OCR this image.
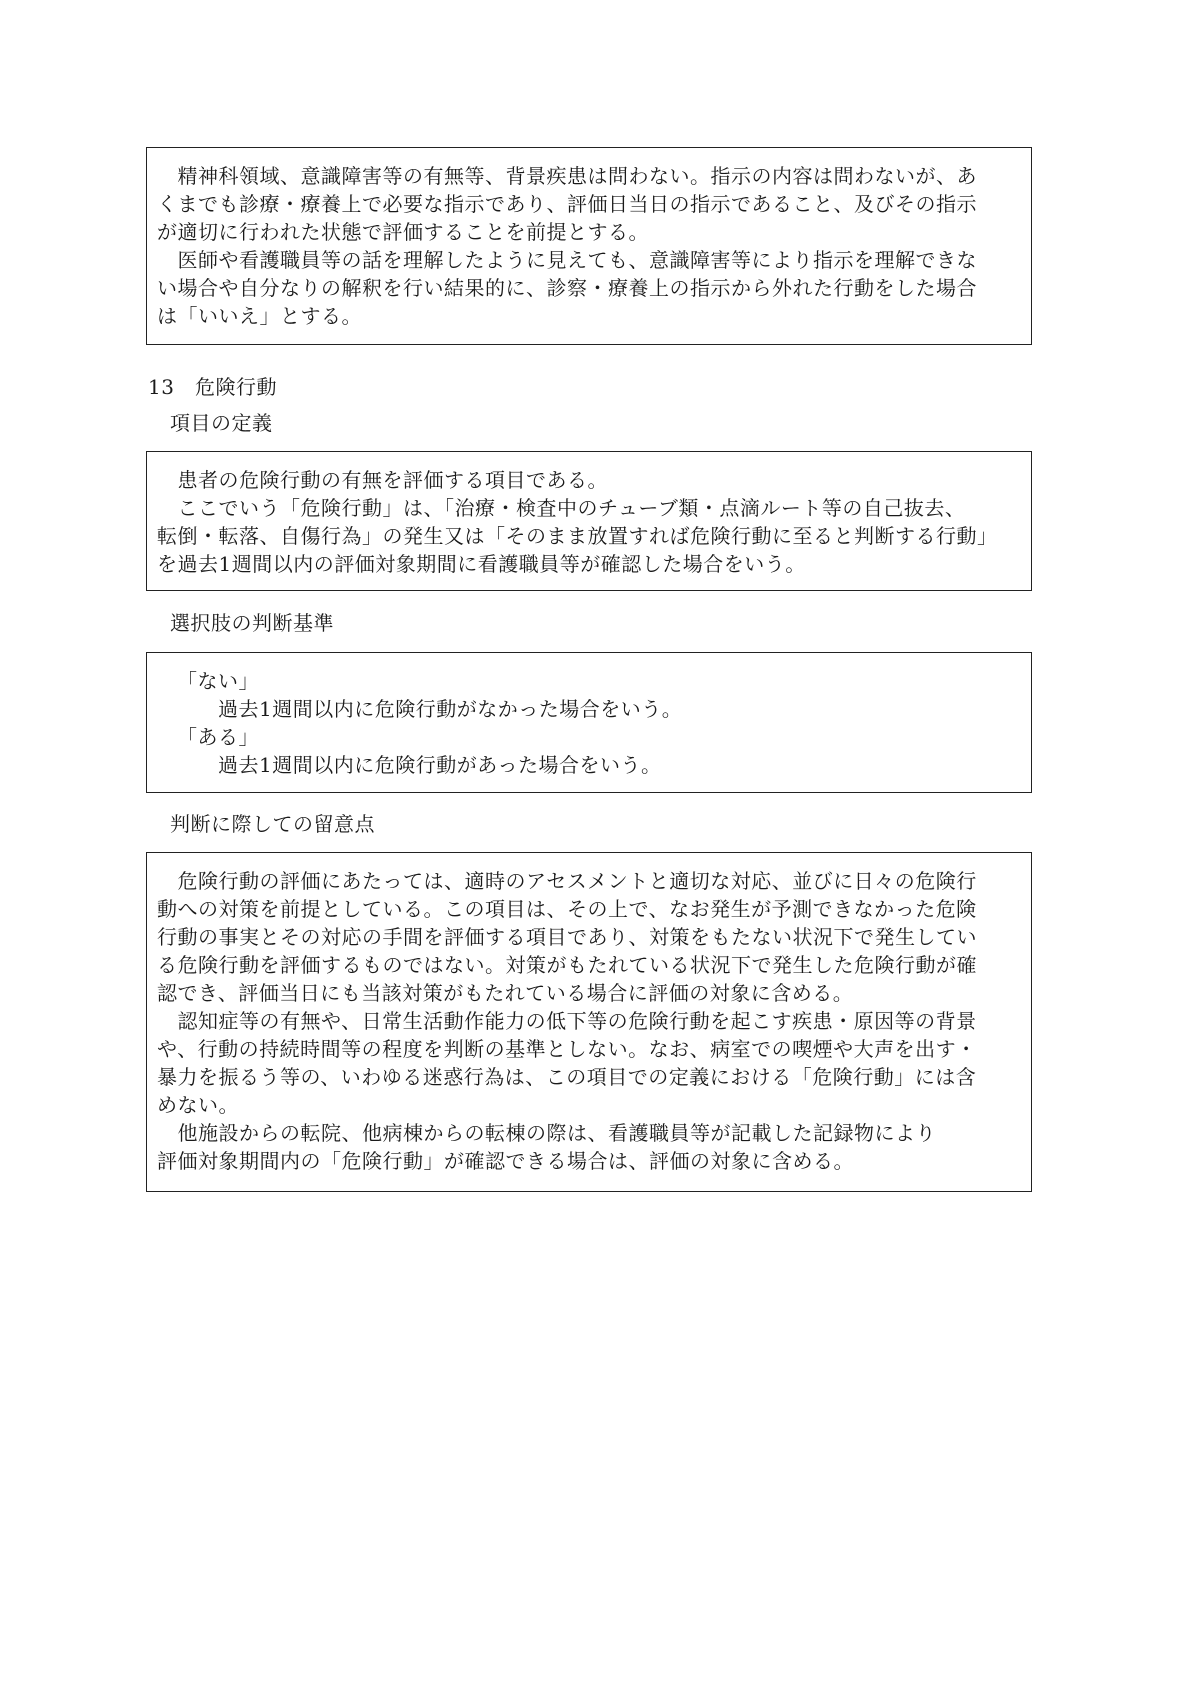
　精神科領域、意識障害等の有無等、背景疾患は問わない。指示の内容は問わないが、あ
くまでも診療・療養上で必要な指示であり、評価日当日の指示であること、及びその指示
が適切に行われた状態で評価することを前提とする。
　医師や看護職員等の話を理解したように見えても、意識障害等により指示を理解できな
い場合や自分なりの解釈を行い結果的に、診察・療養上の指示から外れた行動をした場合
は「いいえ」とする。
13　危険行動
項目の定義
　患者の危険行動の有無を評価する項目である。
　ここでいう「危険行動」は、「治療・検査中のチューブ類・点滴ルート等の自己抜去、
転倒・転落、自傷行為」の発生又は「そのまま放置すれば危険行動に至ると判断する行動」
を過去1週間以内の評価対象期間に看護職員等が確認した場合をいう。
選択肢の判断基準
「ない」
　　過去1週間以内に危険行動がなかった場合をいう。
「ある」
　　過去1週間以内に危険行動があった場合をいう。
判断に際しての留意点
　危険行動の評価にあたっては、適時のアセスメントと適切な対応、並びに日々の危険行
動への対策を前提としている。この項目は、その上で、なお発生が予測できなかった危険
行動の事実とその対応の手間を評価する項目であり、対策をもたない状況下で発生してい
る危険行動を評価するものではない。対策がもたれている状況下で発生した危険行動が確
認でき、評価当日にも当該対策がもたれている場合に評価の対象に含める。
　認知症等の有無や、日常生活動作能力の低下等の危険行動を起こす疾患・原因等の背景
や、行動の持続時間等の程度を判断の基準としない。なお、病室での喫煙や大声を出す・
暴力を振るう等の、いわゆる迷惑行為は、この項目での定義における「危険行動」には含
めない。
　他施設からの転院、他病棟からの転棟の際は、看護職員等が記載した記録物により
評価対象期間内の「危険行動」が確認できる場合は、評価の対象に含める。
